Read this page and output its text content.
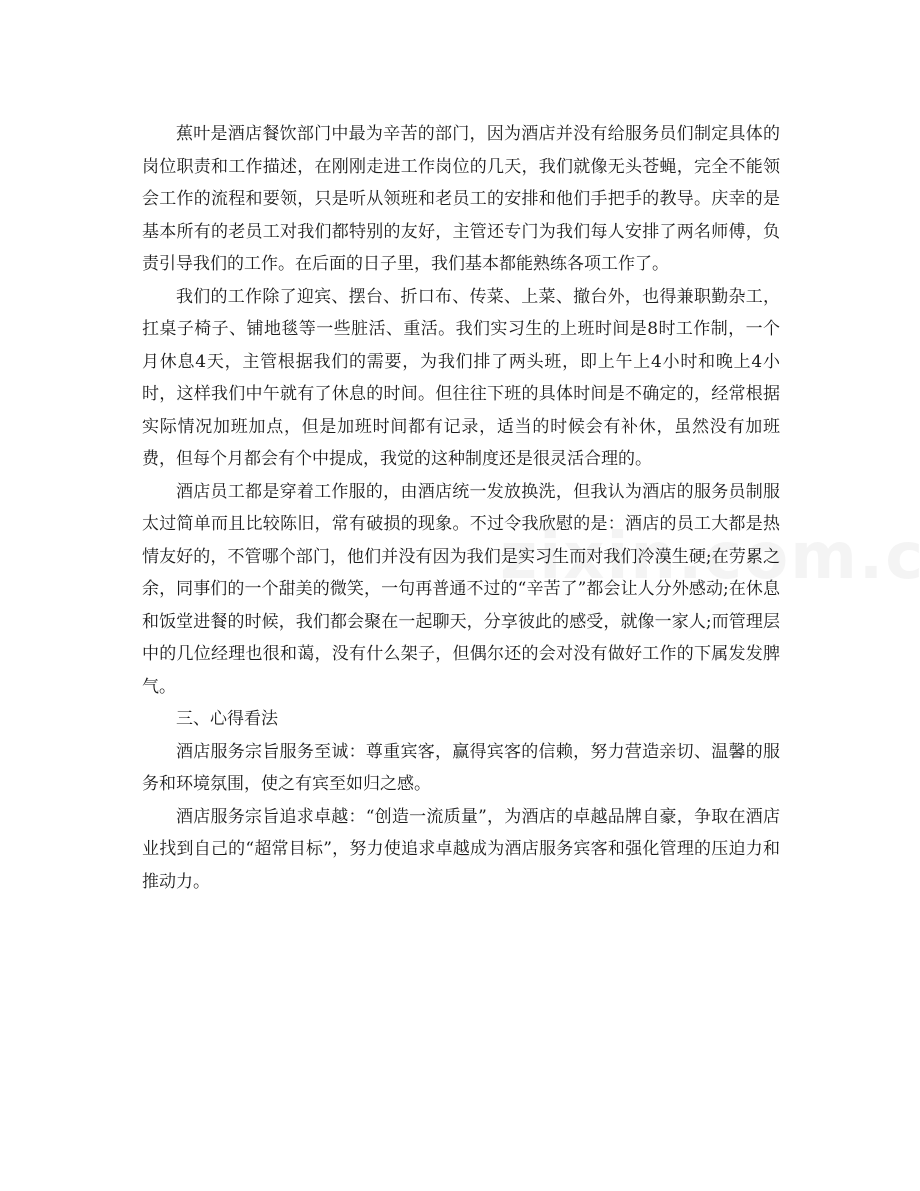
蕉叶是酒店餐饮部门中最为辛苦的部门，因为酒店并没有给服务员们制定具体的岗位职责和工作描述，在刚刚走进工作岗位的几天，我们就像无头苍蝇，完全不能领会工作的流程和要领，只是听从领班和老员工的安排和他们手把手的教导。庆幸的是基本所有的老员工对我们都特别的友好，主管还专门为我们每人安排了两名师傅，负责引导我们的工作。在后面的日子里，我们基本都能熟练各项工作了。

我们的工作除了迎宾、摆台、折口布、传菜、上菜、撤台外，也得兼职勤杂工，扛桌子椅子、铺地毯等一些脏活、重活。我们实习生的上班时间是8时工作制，一个月休息4天，主管根据我们的需要，为我们排了两头班，即上午上4小时和晚上4小时，这样我们中午就有了休息的时间。但往往下班的具体时间是不确定的，经常根据实际情况加班加点，但是加班时间都有记录，适当的时候会有补休，虽然没有加班费，但每个月都会有个中提成，我觉的这种制度还是很灵活合理的。

酒店员工都是穿着工作服的，由酒店统一发放换洗，但我认为酒店的服务员制服太过简单而且比较陈旧，常有破损的现象。不过令我欣慰的是：酒店的员工大都是热情友好的，不管哪个部门，他们并没有因为我们是实习生而对我们冷漠生硬;在劳累之余，同事们的一个甜美的微笑，一句再普通不过的“辛苦了”都会让人分外感动;在休息和饭堂进餐的时候，我们都会聚在一起聊天，分享彼此的感受，就像一家人;而管理层中的几位经理也很和蔼，没有什么架子，但偶尔还的会对没有做好工作的下属发发脾气。

三、心得看法

酒店服务宗旨服务至诚：尊重宾客，赢得宾客的信赖，努力营造亲切、温馨的服务和环境氛围，使之有宾至如归之感。

酒店服务宗旨追求卓越：“创造一流质量”，为酒店的卓越品牌自豪，争取在酒店业找到自己的“超常目标”，努力使追求卓越成为酒店服务宾客和强化管理的压迫力和推动力。
